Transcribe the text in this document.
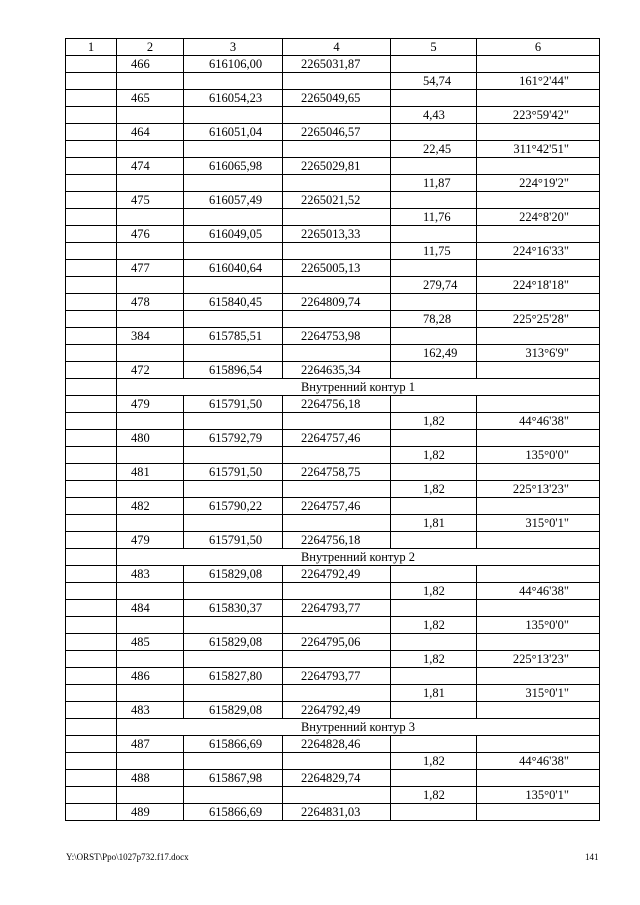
1	2	3	4	5	6
	466	616106,00	2265031,87		
				54,74	161°2'44"
	465	616054,23	2265049,65		
				4,43	223°59'42"
	464	616051,04	2265046,57		
				22,45	311°42'51"
	474	616065,98	2265029,81		
				11,87	224°19'2"
	475	616057,49	2265021,52		
				11,76	224°8'20"
	476	616049,05	2265013,33		
				11,75	224°16'33"
	477	616040,64	2265005,13		
				279,74	224°18'18"
	478	615840,45	2264809,74		
				78,28	225°25'28"
	384	615785,51	2264753,98		
				162,49	313°6'9"
	472	615896,54	2264635,34		
	Внутренний контур 1				
	479	615791,50	2264756,18		
				1,82	44°46'38"
	480	615792,79	2264757,46		
				1,82	135°0'0"
	481	615791,50	2264758,75		
				1,82	225°13'23"
	482	615790,22	2264757,46		
				1,81	315°0'1"
	479	615791,50	2264756,18		
	Внутренний контур 2				
	483	615829,08	2264792,49		
				1,82	44°46'38"
	484	615830,37	2264793,77		
				1,82	135°0'0"
	485	615829,08	2264795,06		
				1,82	225°13'23"
	486	615827,80	2264793,77		
				1,81	315°0'1"
	483	615829,08	2264792,49		
	Внутренний контур 3				
	487	615866,69	2264828,46		
				1,82	44°46'38"
	488	615867,98	2264829,74		
				1,82	135°0'1"
	489	615866,69	2264831,03		
Y:\ORST\Ppo\1027p732.f17.docx	141
